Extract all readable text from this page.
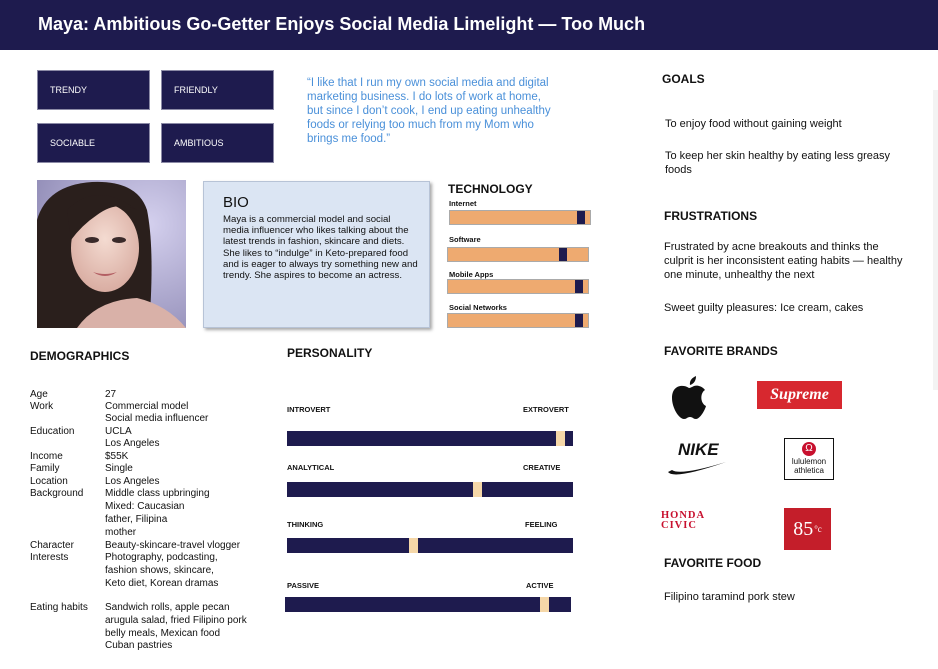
Maya: Ambitious Go-Getter Enjoys Social Media Limelight — Too Much
TRENDY	FRIENDLY
SOCIABLE	AMBITIOUS
“I like that I run my own social media and digital marketing business. I do lots of work at home, but since I don’t cook, I end up eating unhealthy foods or relying too much from my Mom who brings me food.”
BIO

Maya is a commercial model and social media influencer who likes talking about the latest trends in fashion, skincare and diets. She likes to “indulge” in Keto-prepared food and is eager to always try something new and trendy. She aspires to become an actress.

TECHNOLOGY
Internet
Software
Mobile Apps
Social Networks
DEMOGRAPHICS
Age	27
Work	Commercial model
Social media influencer
Education	UCLA
Los Angeles
Income	$55K
Family	Single
Location	Los Angeles
Background Middle class upbringing
Mixed: Caucasian
father, Filipina
mother
Character	Beauty-skincare-travel vlogger
Interests	Photography, podcasting,
fashion shows, skincare,
Keto diet, Korean dramas
Eating habits Sandwich rolls, apple pecan
arugula salad, fried Filipino pork
belly meals, Mexican food
Cuban pastries
PERSONALITY
INTROVERT	EXTROVERT
ANALYTICAL	CREATIVE
THINKING	FEELING
PASSIVE	ACTIVE
GOALS
To enjoy food without gaining weight
To keep her skin healthy by eating less greasy foods
FRUSTRATIONS
Frustrated by acne breakouts and thinks the culprit is her inconsistent eating habits — healthy one minute, unhealthy the next
Sweet guilty pleasures: Ice cream, cakes
FAVORITE BRANDS
Supreme
NIKE	Ω
lululemon athletica
HONDA CIVIC	85 °c
FAVORITE FOOD
Filipino taramind pork stew
